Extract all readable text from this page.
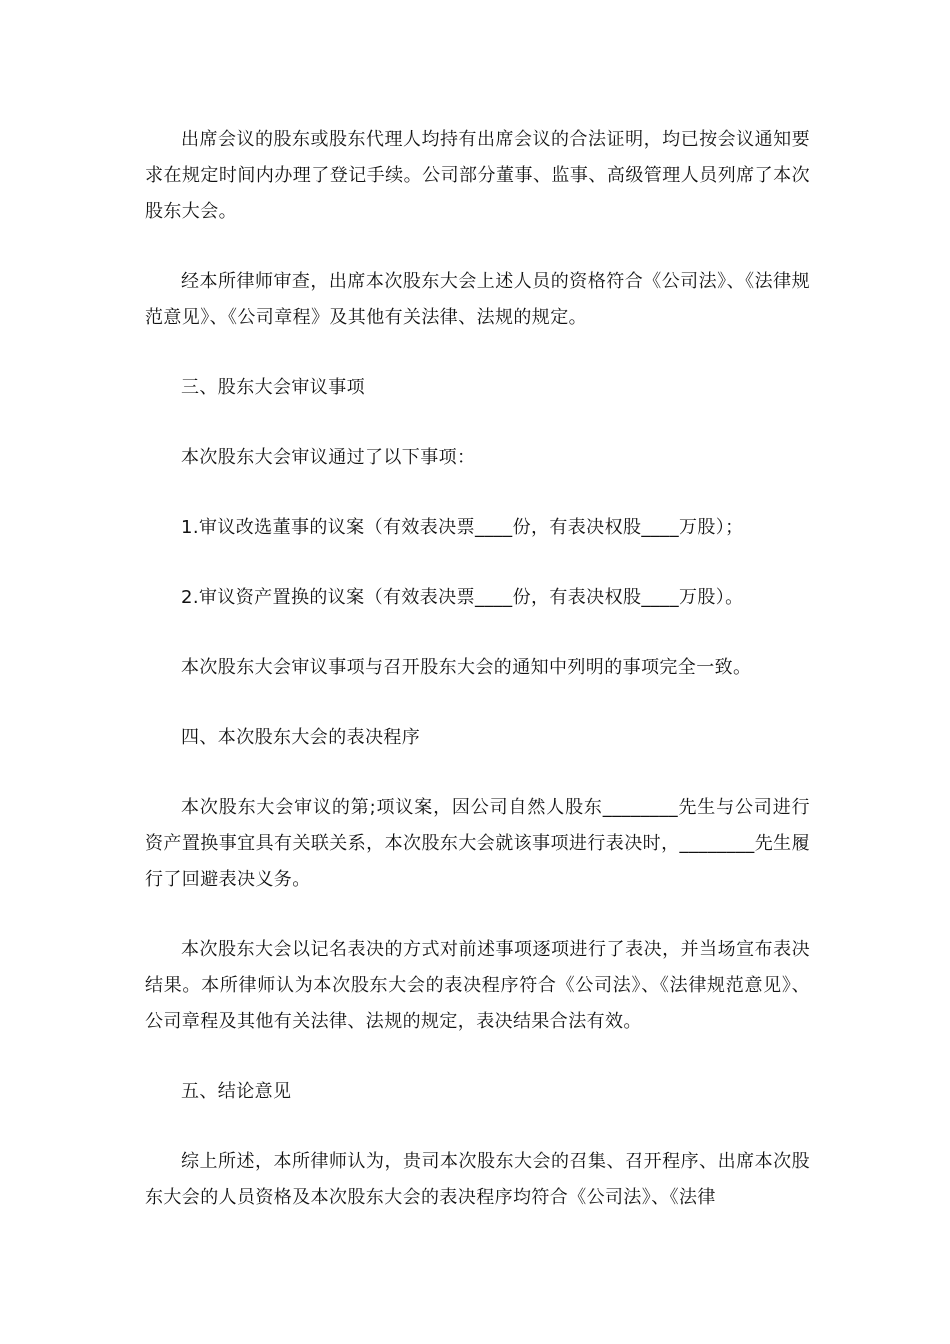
出席会议的股东或股东代理人均持有出席会议的合法证明，均已按会议通知要求在规定时间内办理了登记手续。公司部分董事、监事、高级管理人员列席了本次股东大会。

经本所律师审查，出席本次股东大会上述人员的资格符合《公司法》、《法律规范意见》、《公司章程》及其他有关法律、法规的规定。

三、股东大会审议事项

本次股东大会审议通过了以下事项：

1.审议改选董事的议案（有效表决票____份，有表决权股____万股）；

2.审议资产置换的议案（有效表决票____份，有表决权股____万股）。

本次股东大会审议事项与召开股东大会的通知中列明的事项完全一致。

四、本次股东大会的表决程序

本次股东大会审议的第;项议案，因公司自然人股东________先生与公司进行资产置换事宜具有关联关系，本次股东大会就该事项进行表决时，________先生履行了回避表决义务。

本次股东大会以记名表决的方式对前述事项逐项进行了表决，并当场宣布表决结果。本所律师认为本次股东大会的表决程序符合《公司法》、《法律规范意见》、公司章程及其他有关法律、法规的规定，表决结果合法有效。

五、结论意见

综上所述，本所律师认为，贵司本次股东大会的召集、召开程序、出席本次股东大会的人员资格及本次股东大会的表决程序均符合《公司法》、《法律
